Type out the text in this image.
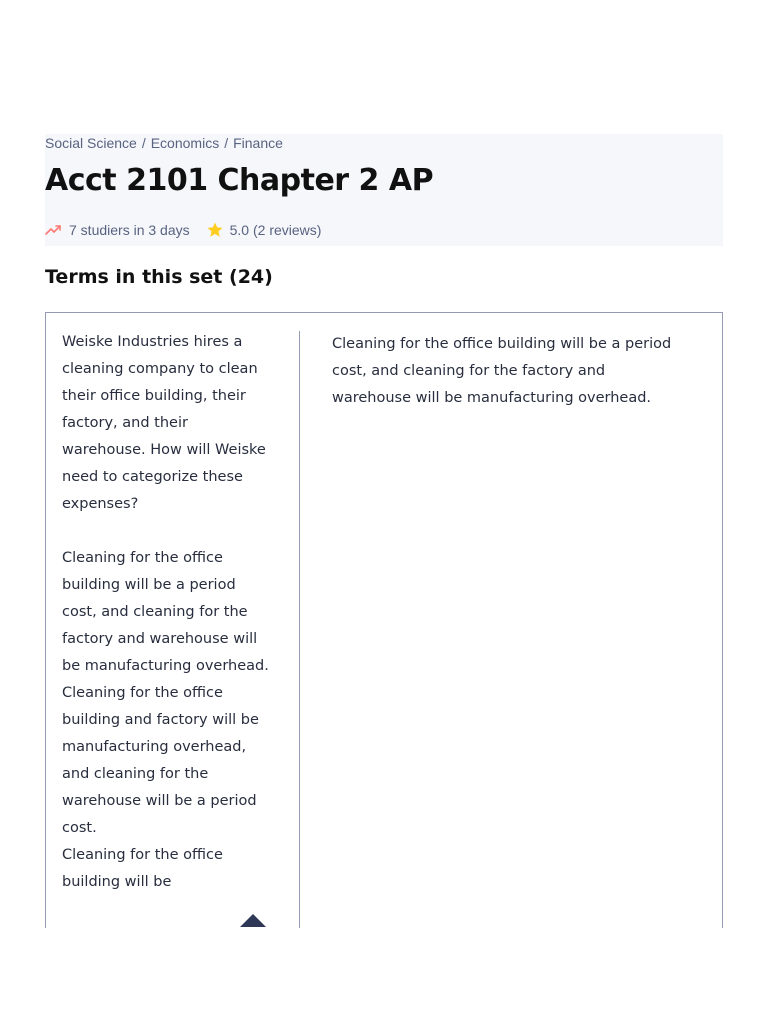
Social Science / Economics / Finance
Acct 2101 Chapter 2 AP
7 studiers in 3 days	5.0 (2 reviews)
Terms in this set (24)

Weiske Industries hires a cleaning company to clean their office building, their factory, and their warehouse. How will Weiske need to categorize these expenses?

Cleaning for the office building will be a period cost, and cleaning for the factory and warehouse will be manufacturing overhead.

Cleaning for the office building and factory will be manufacturing overhead, and cleaning for the warehouse will be a period cost.

Cleaning for the office building will be

Cleaning for the office building will be a period cost, and cleaning for the factory and warehouse will be manufacturing overhead.
